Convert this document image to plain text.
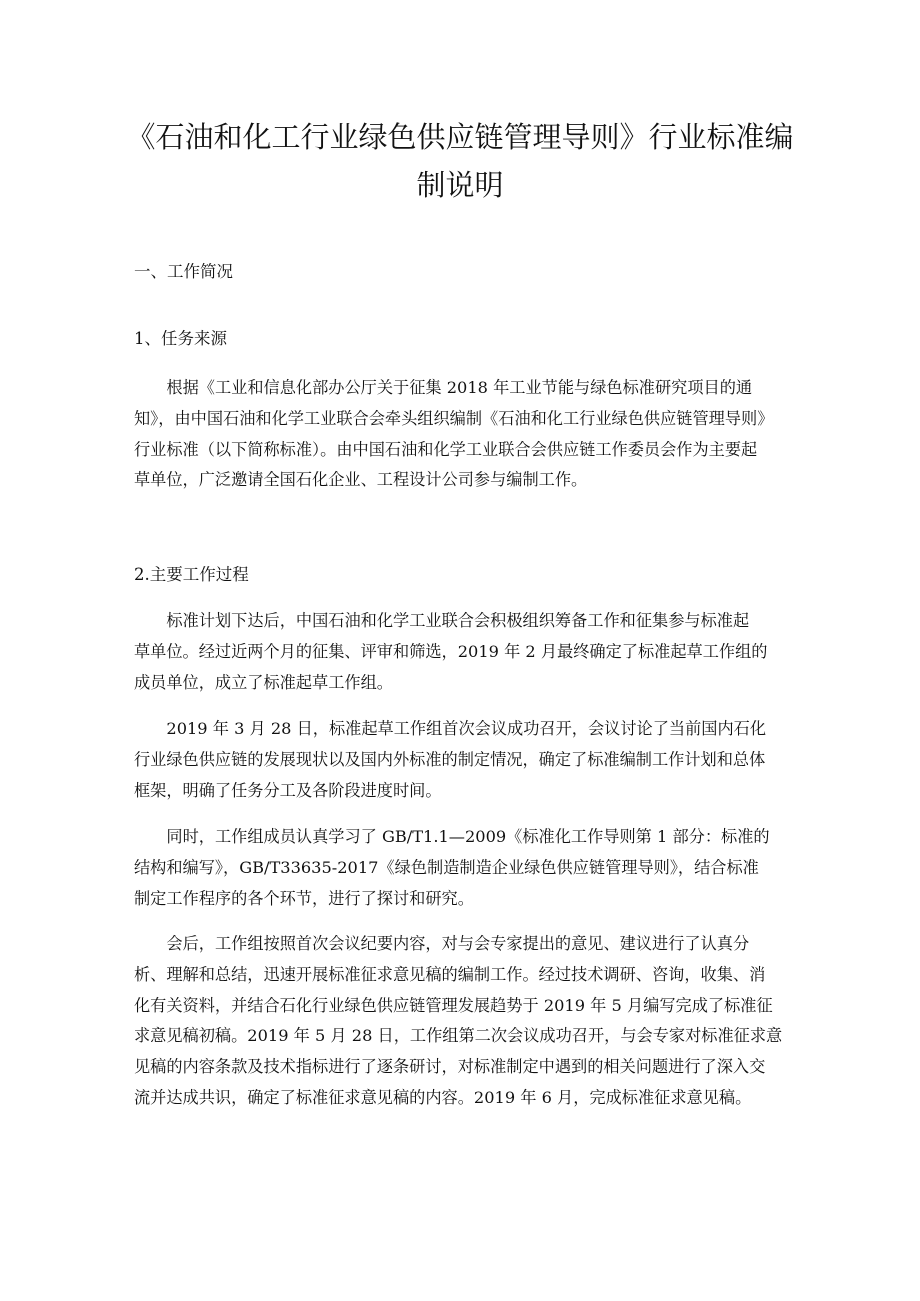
《石油和化工行业绿色供应链管理导则》行业标准编
制说明
一、工作简况
1、任务来源
根据《工业和信息化部办公厅关于征集 2018 年工业节能与绿色标准研究项目的通
知》，由中国石油和化学工业联合会牵头组织编制《石油和化工行业绿色供应链管理导则》
行业标准（以下简称标准）。由中国石油和化学工业联合会供应链工作委员会作为主要起
草单位，广泛邀请全国石化企业、工程设计公司参与编制工作。
2.主要工作过程
标准计划下达后，中国石油和化学工业联合会积极组织筹备工作和征集参与标准起
草单位。经过近两个月的征集、评审和筛选，2019 年 2 月最终确定了标准起草工作组的
成员单位，成立了标准起草工作组。
2019 年 3 月 28 日，标准起草工作组首次会议成功召开，会议讨论了当前国内石化
行业绿色供应链的发展现状以及国内外标准的制定情况，确定了标准编制工作计划和总体
框架，明确了任务分工及各阶段进度时间。
同时，工作组成员认真学习了 GB/T1.1—2009《标准化工作导则第 1 部分：标准的
结构和编写》，GB/T33635-2017《绿色制造制造企业绿色供应链管理导则》，结合标准
制定工作程序的各个环节，进行了探讨和研究。
会后，工作组按照首次会议纪要内容，对与会专家提出的意见、建议进行了认真分
析、理解和总结，迅速开展标准征求意见稿的编制工作。经过技术调研、咨询，收集、消
化有关资料，并结合石化行业绿色供应链管理发展趋势于 2019 年 5 月编写完成了标准征
求意见稿初稿。2019 年 5 月 28 日，工作组第二次会议成功召开，与会专家对标准征求意
见稿的内容条款及技术指标进行了逐条研讨，对标准制定中遇到的相关问题进行了深入交
流并达成共识，确定了标准征求意见稿的内容。2019 年 6 月，完成标准征求意见稿。
